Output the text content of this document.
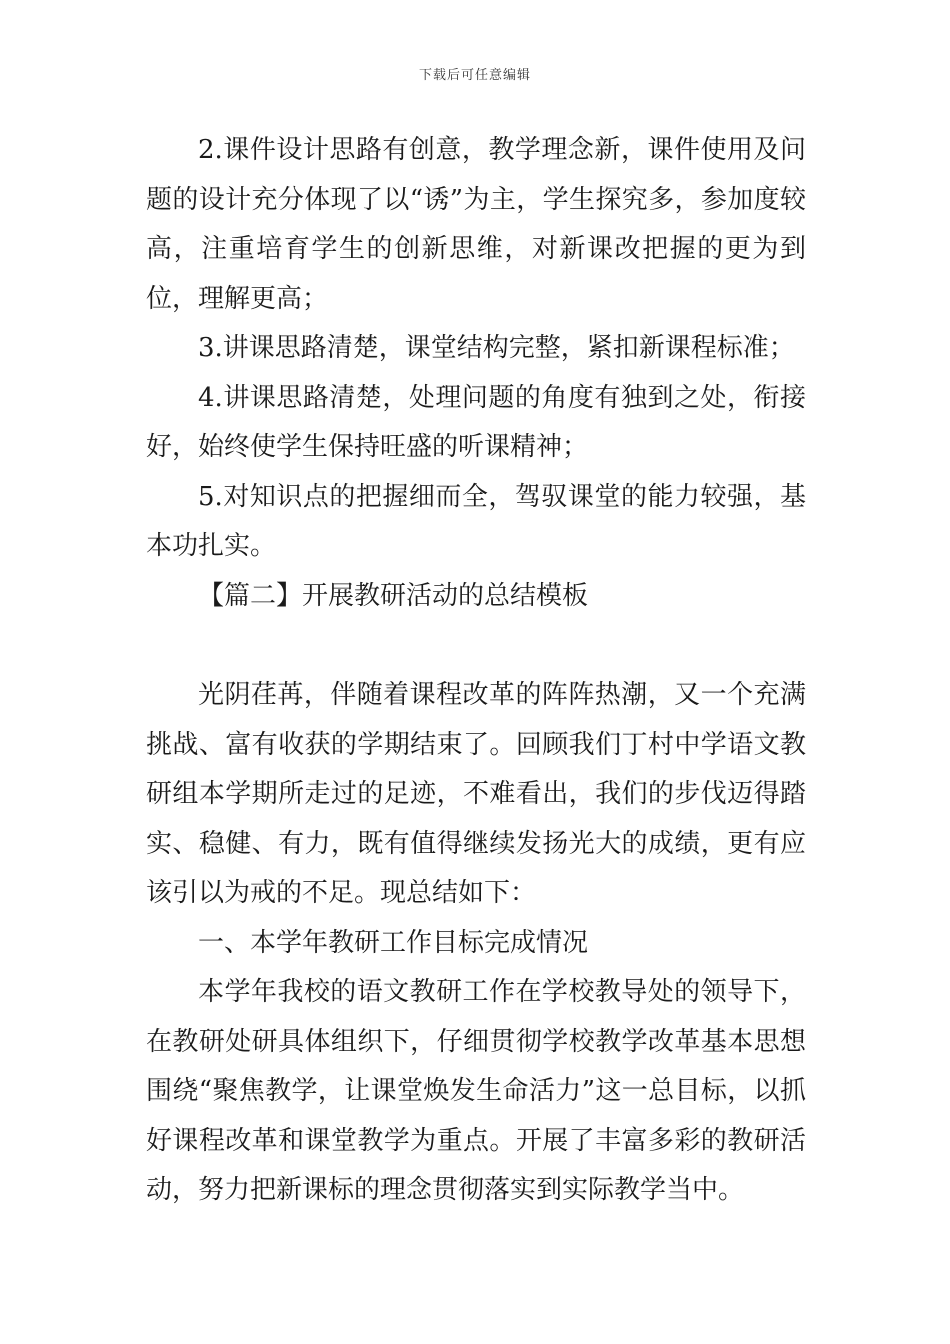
下载后可任意编辑

2.课件设计思路有创意，教学理念新，课件使用及问题的设计充分体现了以“诱”为主，学生探究多，参加度较高，注重培育学生的创新思维，对新课改把握的更为到位，理解更高；

3.讲课思路清楚，课堂结构完整，紧扣新课程标准；

4.讲课思路清楚，处理问题的角度有独到之处，衔接好，始终使学生保持旺盛的听课精神；

5.对知识点的把握细而全，驾驭课堂的能力较强，基本功扎实。

【篇二】开展教研活动的总结模板

光阴荏苒，伴随着课程改革的阵阵热潮，又一个充满挑战、富有收获的学期结束了。回顾我们丁村中学语文教研组本学期所走过的足迹，不难看出，我们的步伐迈得踏实、稳健、有力，既有值得继续发扬光大的成绩，更有应该引以为戒的不足。现总结如下：

一、本学年教研工作目标完成情况

本学年我校的语文教研工作在学校教导处的领导下，在教研处研具体组织下，仔细贯彻学校教学改革基本思想围绕“聚焦教学，让课堂焕发生命活力”这一总目标，以抓好课程改革和课堂教学为重点。开展了丰富多彩的教研活动，努力把新课标的理念贯彻落实到实际教学当中。
